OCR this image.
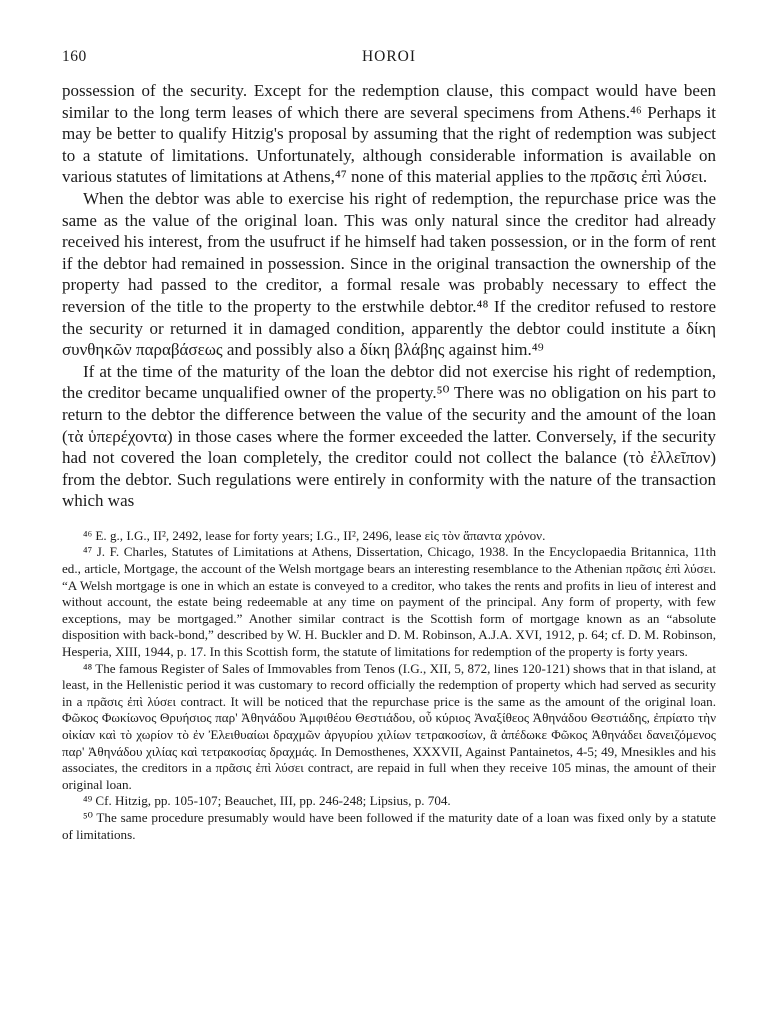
160	HOROI

possession of the security. Except for the redemption clause, this compact would have been similar to the long term leases of which there are several specimens from Athens.⁴⁶ Perhaps it may be better to qualify Hitzig's proposal by assuming that the right of redemption was subject to a statute of limitations. Unfortunately, although considerable information is available on various statutes of limitations at Athens,⁴⁷ none of this material applies to the πρᾶσις ἐπὶ λύσει.

When the debtor was able to exercise his right of redemption, the repurchase price was the same as the value of the original loan. This was only natural since the creditor had already received his interest, from the usufruct if he himself had taken possession, or in the form of rent if the debtor had remained in possession. Since in the original transaction the ownership of the property had passed to the creditor, a formal resale was probably necessary to effect the reversion of the title to the property to the erstwhile debtor.⁴⁸ If the creditor refused to restore the security or returned it in damaged condition, apparently the debtor could institute a δίκη συνθηκῶν παραβάσεως and possibly also a δίκη βλάβης against him.⁴⁹

If at the time of the maturity of the loan the debtor did not exercise his right of redemption, the creditor became unqualified owner of the property.⁵⁰ There was no obligation on his part to return to the debtor the difference between the value of the security and the amount of the loan (τὰ ὑπερέχοντα) in those cases where the former exceeded the latter. Conversely, if the security had not covered the loan completely, the creditor could not collect the balance (τὸ ἐλλεῖπον) from the debtor. Such regulations were entirely in conformity with the nature of the transaction which was

⁴⁶ E. g., I.G., II², 2492, lease for forty years; I.G., II², 2496, lease εἰς τὸν ἅπαντα χρόνον.

⁴⁷ J. F. Charles, Statutes of Limitations at Athens, Dissertation, Chicago, 1938. In the Encyclopaedia Britannica, 11th ed., article, Mortgage, the account of the Welsh mortgage bears an interesting resemblance to the Athenian πρᾶσις ἐπὶ λύσει. “A Welsh mortgage is one in which an estate is conveyed to a creditor, who takes the rents and profits in lieu of interest and without account, the estate being redeemable at any time on payment of the principal. Any form of property, with few exceptions, may be mortgaged.” Another similar contract is the Scottish form of mortgage known as an “absolute disposition with back-bond,” described by W. H. Buckler and D. M. Robinson, A.J.A. XVI, 1912, p. 64; cf. D. M. Robinson, Hesperia, XIII, 1944, p. 17. In this Scottish form, the statute of limitations for redemption of the property is forty years.

⁴⁸ The famous Register of Sales of Immovables from Tenos (I.G., XII, 5, 872, lines 120-121) shows that in that island, at least, in the Hellenistic period it was customary to record officially the redemption of property which had served as security in a πρᾶσις ἐπὶ λύσει contract. It will be noticed that the repurchase price is the same as the amount of the original loan. Φῶκος Φωκίωνος Θρυήσιος παρ' Ἀθηνάδου Ἀμφιθέου Θεστιάδου, οὗ κύριος Ἀναξίθεος Ἀθηνάδου Θεστιάδης, ἐπρίατο τὴν οἰκίαν καὶ τὸ χωρίον τὸ ἐν Ἐλειθυαίωι δραχμῶν ἀργυρίου χιλίων τετρακοσίων, ἃ ἀπέδωκε Φῶκος Ἀθηνάδει δανειζόμενος παρ' Ἀθηνάδου χιλίας καὶ τετρακοσίας δραχμάς. In Demosthenes, XXXVII, Against Pantainetos, 4-5; 49, Mnesikles and his associates, the creditors in a πρᾶσις ἐπὶ λύσει contract, are repaid in full when they receive 105 minas, the amount of their original loan.

⁴⁹ Cf. Hitzig, pp. 105-107; Beauchet, III, pp. 246-248; Lipsius, p. 704.

⁵⁰ The same procedure presumably would have been followed if the maturity date of a loan was fixed only by a statute of limitations.
